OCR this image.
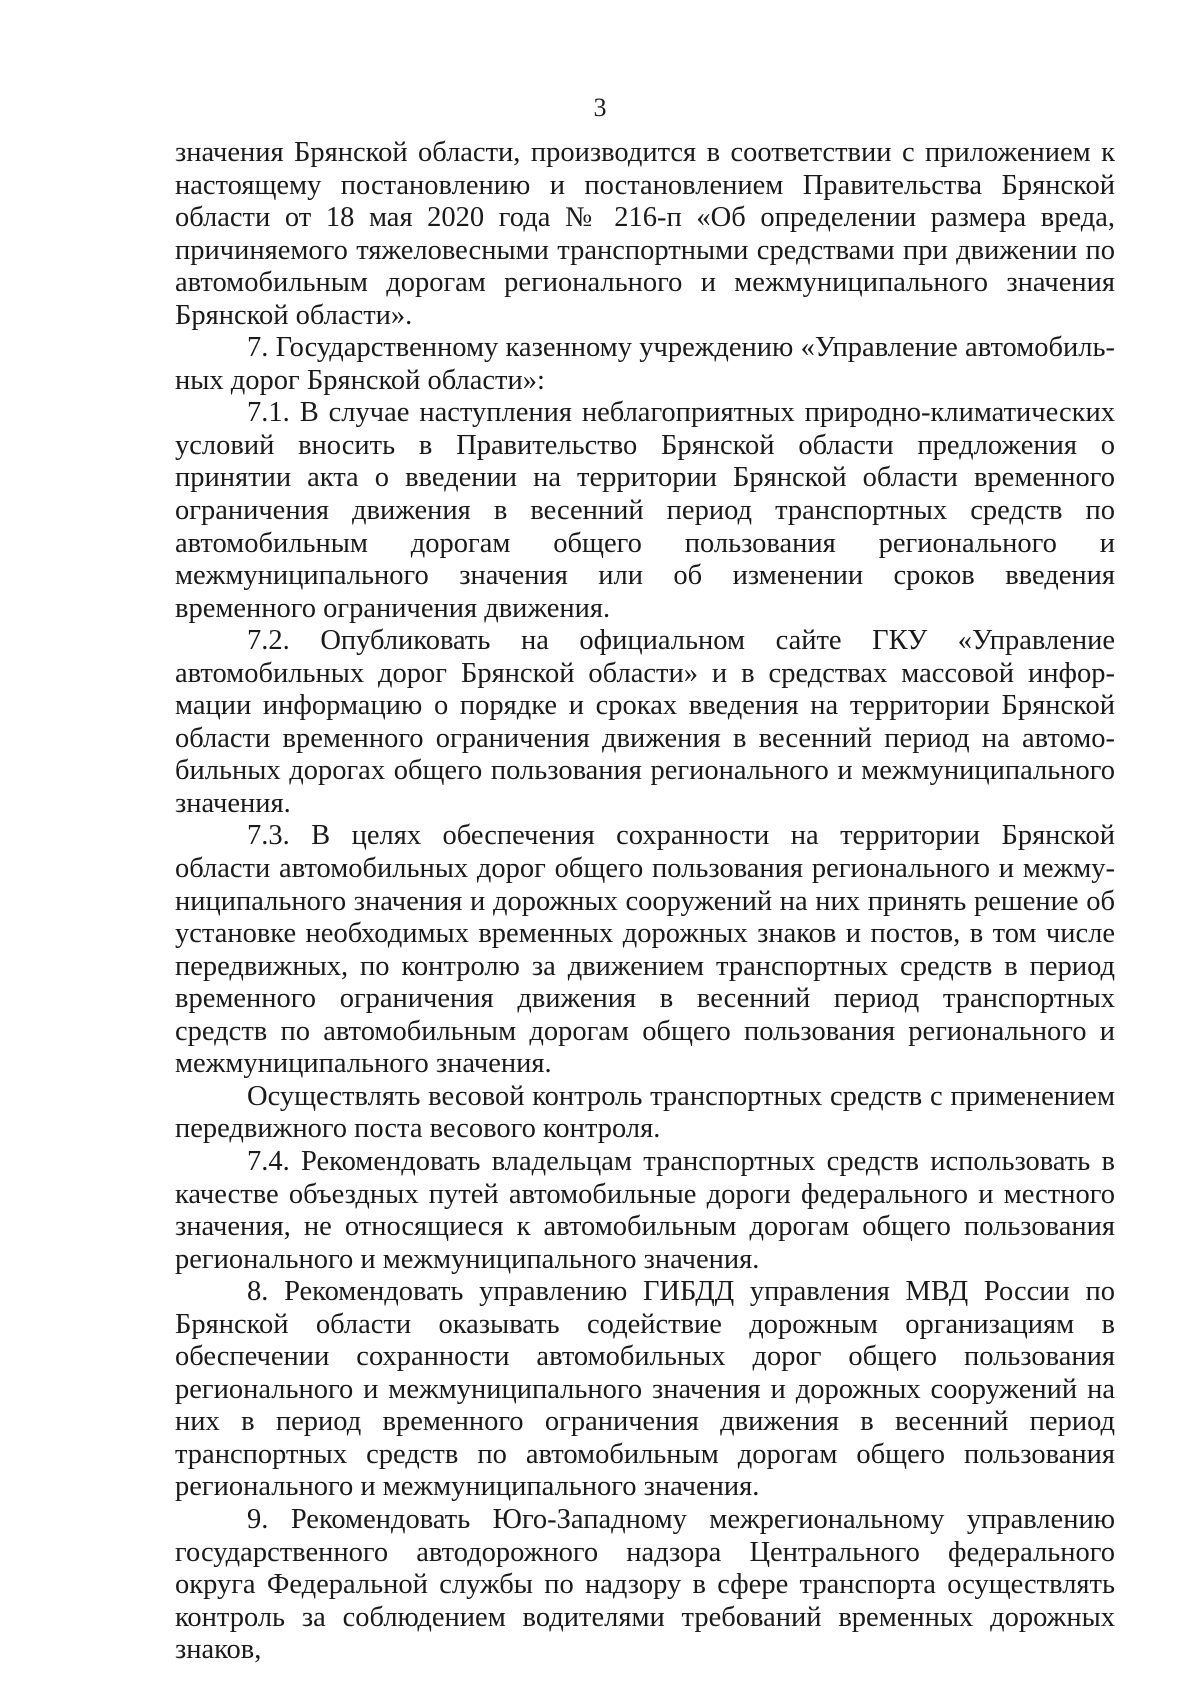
3

значения Брянской области, производится в соответствии с приложением к настоящему постановлению и постановлением Правительства Брянской области от 18 мая 2020 года № 216-п «Об определении размера вреда, причиняемого тяжеловесными транспортными средствами при движении по автомобильным дорогам регионального и межмуниципального значения Брянской области».

7. Государственному казенному учреждению «Управление автомобильных дорог Брянской области»:

7.1. В случае наступления неблагоприятных природно-климатических условий вносить в Правительство Брянской области предложения о принятии акта о введении на территории Брянской области временного ограничения движения в весенний период транспортных средств по автомобильным дорогам общего пользования регионального и межмуниципального значения или об изменении сроков введения временного ограничения движения.

7.2. Опубликовать на официальном сайте ГКУ «Управление автомобильных дорог Брянской области» и в средствах массовой информации информацию о порядке и сроках введения на территории Брянской области временного ограничения движения в весенний период на автомобильных дорогах общего пользования регионального и межмуниципального значения.

7.3. В целях обеспечения сохранности на территории Брянской области автомобильных дорог общего пользования регионального и межмуниципального значения и дорожных сооружений на них принять решение об установке необходимых временных дорожных знаков и постов, в том числе передвижных, по контролю за движением транспортных средств в период временного ограничения движения в весенний период транспортных средств по автомобильным дорогам общего пользования регионального и межмуниципального значения.

Осуществлять весовой контроль транспортных средств с применением передвижного поста весового контроля.

7.4. Рекомендовать владельцам транспортных средств использовать в качестве объездных путей автомобильные дороги федерального и местного значения, не относящиеся к автомобильным дорогам общего пользования регионального и межмуниципального значения.

8. Рекомендовать управлению ГИБДД управления МВД России по Брянской области оказывать содействие дорожным организациям в обеспечении сохранности автомобильных дорог общего пользования регионального и межмуниципального значения и дорожных сооружений на них в период временного ограничения движения в весенний период транспортных средств по автомобильным дорогам общего пользования регионального и межмуниципального значения.

9. Рекомендовать Юго-Западному межрегиональному управлению государственного автодорожного надзора Центрального федерального округа Федеральной службы по надзору в сфере транспорта осуществлять контроль за соблюдением водителями требований временных дорожных знаков,
